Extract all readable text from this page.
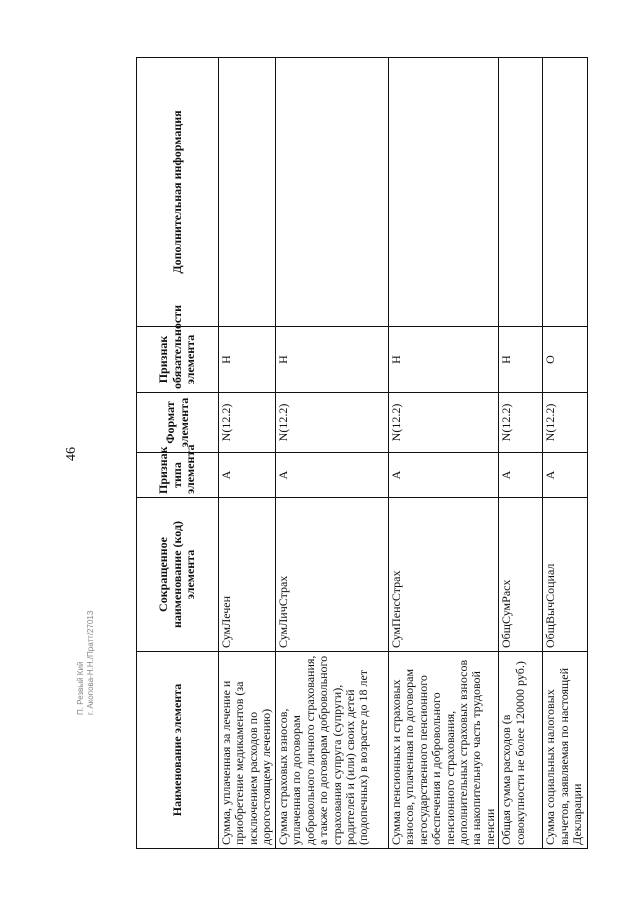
46
П. Резвый Кий г. Акопова-Н.Н./Пратт/27013
Наименование элемента	Сокращенное наименование (код) элемента	Признак типа элемента	Формат элемента	Признак обязательности элемента	Дополнительная информация
Сумма, уплаченная за лечение и приобретение медикаментов (за исключением расходов по дорогостоящему лечению)	СумЛечен	А	N(12.2)	Н	
Сумма страховых взносов, уплаченная по договорам добровольного личного страхования, а также по договорам добровольного страхования супруга (супруги), родителей и (или) своих детей (подопечных) в возрасте до 18 лет	СумЛичСтрах	А	N(12.2)	Н	
Сумма пенсионных и страховых взносов, уплаченная по договорам негосударственного пенсионного обеспечения и добровольного пенсионного страхования, дополнительных страховых взносов на накопительную часть трудовой пенсии	СумПенсСтрах	А	N(12.2)	Н	
Общая сумма расходов (в совокупности не более 120000 руб.)	ОбщСумРасх	А	N(12.2)	Н	
Сумма социальных налоговых вычетов, заявляемая по настоящей Декларации	ОбщВычСоциал	А	N(12.2)	О	
